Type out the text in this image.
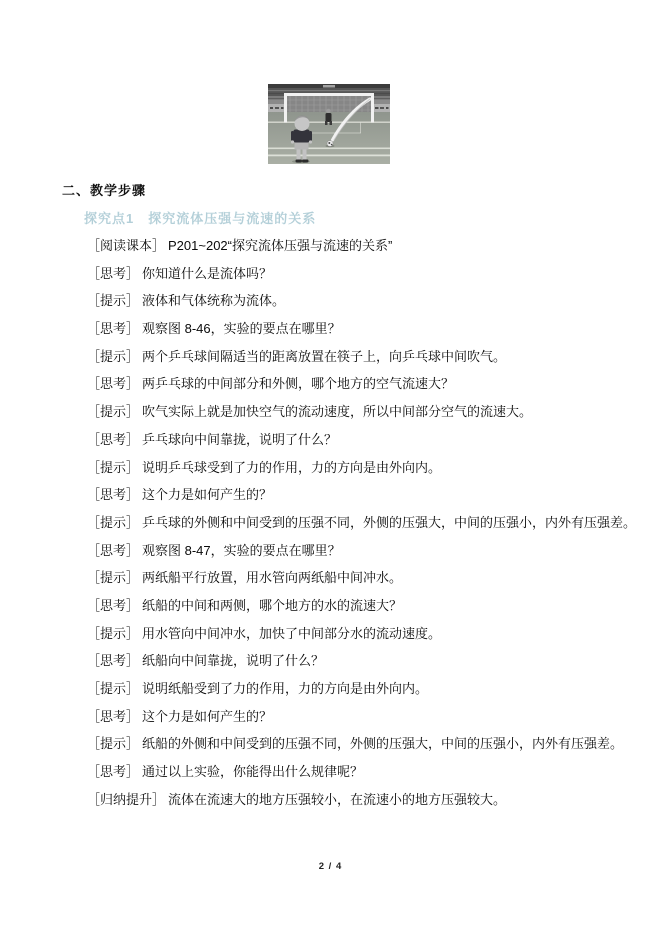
二、教学步骤
探究点1 探究流体压强与流速的关系

［阅读课本］ P201~202“探究流体压强与流速的关系”

［思考］ 你知道什么是流体吗？

［提示］ 液体和气体统称为流体。

［思考］ 观察图 8-46，实验的要点在哪里？

［提示］ 两个乒乓球间隔适当的距离放置在筷子上，向乒乓球中间吹气。

［思考］ 两乒乓球的中间部分和外侧，哪个地方的空气流速大？

［提示］ 吹气实际上就是加快空气的流动速度，所以中间部分空气的流速大。

［思考］ 乒乓球向中间靠拢，说明了什么？

［提示］ 说明乒乓球受到了力的作用，力的方向是由外向内。

［思考］ 这个力是如何产生的？

［提示］ 乒乓球的外侧和中间受到的压强不同，外侧的压强大，中间的压强小，内外有压强差。

［思考］ 观察图 8-47，实验的要点在哪里？

［提示］ 两纸船平行放置，用水管向两纸船中间冲水。

［思考］ 纸船的中间和两侧，哪个地方的水的流速大？

［提示］ 用水管向中间冲水，加快了中间部分水的流动速度。

［思考］ 纸船向中间靠拢，说明了什么？

［提示］ 说明纸船受到了力的作用，力的方向是由外向内。

［思考］ 这个力是如何产生的？

［提示］ 纸船的外侧和中间受到的压强不同，外侧的压强大，中间的压强小，内外有压强差。

［思考］ 通过以上实验，你能得出什么规律呢？

［归纳提升］ 流体在流速大的地方压强较小，在流速小的地方压强较大。

2 / 4
